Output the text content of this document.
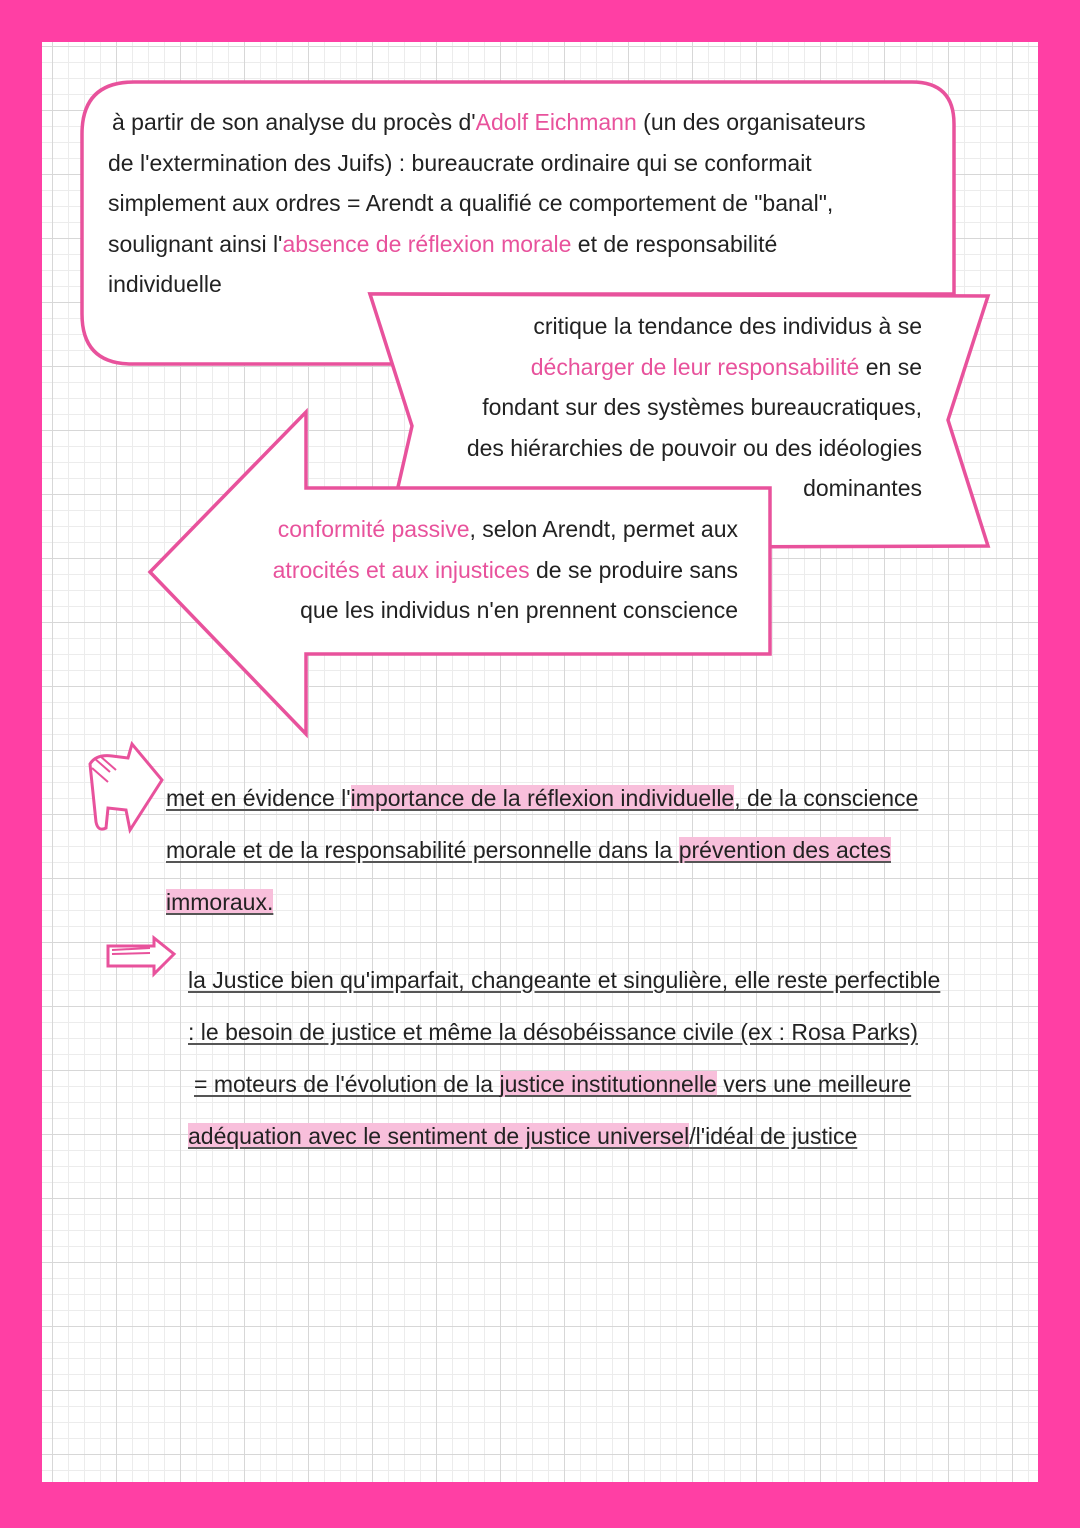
à partir de son analyse du procès d'Adolf Eichmann (un des organisateurs
de l'extermination des Juifs) : bureaucrate ordinaire qui se conformait
simplement aux ordres = Arendt a qualifié ce comportement de "banal",
soulignant ainsi l'absence de réflexion morale et de responsabilité
individuelle
critique la tendance des individus à se
décharger de leur responsabilité en se
fondant sur des systèmes bureaucratiques,
des hiérarchies de pouvoir ou des idéologies
dominantes
conformité passive, selon Arendt, permet aux
atrocités et aux injustices de se produire sans
que les individus n'en prennent conscience
met en évidence l'importance de la réflexion individuelle, de la conscience
morale et de la responsabilité personnelle dans la prévention des actes
immoraux.
la Justice bien qu'imparfait, changeante et singulière, elle reste perfectible
: le besoin de justice et même la désobéissance civile (ex : Rosa Parks)
= moteurs de l'évolution de la justice institutionnelle vers une meilleure
adéquation avec le sentiment de justice universel/l'idéal de justice
